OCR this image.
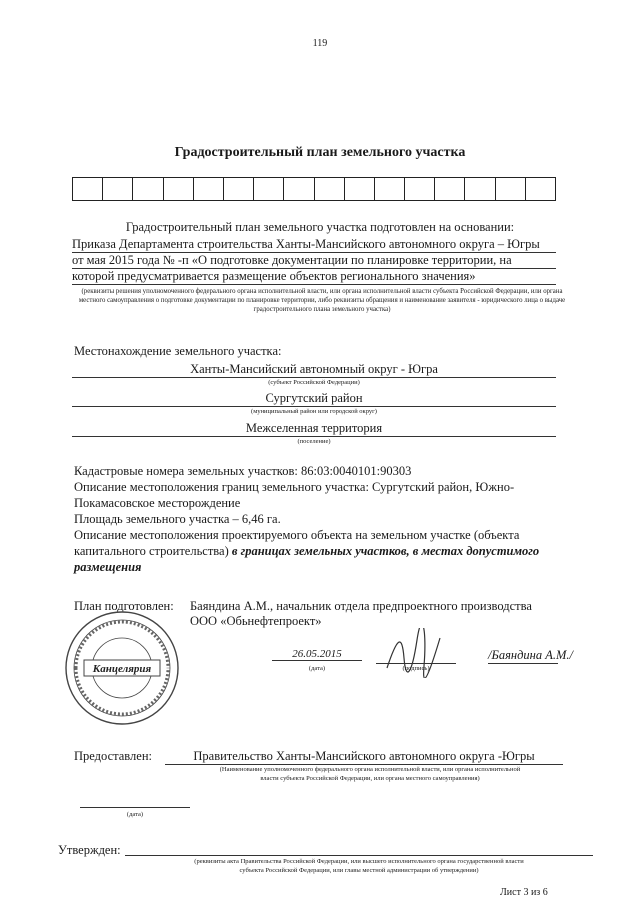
119
Градостроительный план земельного участка
Градостроительный план земельного участка подготовлен на основании:
Приказа Департамента строительства Ханты-Мансийского автономного округа – Югры
от мая 2015 года № -п «О подготовке документации по планировке территории, на
которой предусматривается размещение объектов регионального значения»
(реквизиты решения уполномоченного федерального органа исполнительной власти, или органа исполнительной власти субъекта Российской Федерации, или органа местного самоуправления о подготовке документации по планировке территории, либо реквизиты обращения и наименование заявителя - юридического лица о выдаче градостроительного плана земельного участка)
Местонахождение земельного участка:
Ханты-Мансийский автономный округ - Югра
(субъект Российской Федерации)
Сургутский район
(муниципальный район или городской округ)
Межселенная территория
(поселение)
Кадастровые номера земельных участков: 86:03:0040101:90303
Описание местоположения границ земельного участка: Сургутский район, Южно-
Покамасовское месторождение
Площадь земельного участка – 6,46 га.
Описание местоположения проектируемого объекта на земельном участке (объекта
капитального строительства) в границах земельных участков, в местах допустимого
размещения
План подготовлен: Баяндина А.М., начальник отдела предпроектного производства
ООО «Обьнефтепроект»
Канцелярия
26.05.2015
(дата)	(подпись)
/Баяндина А.М./
Предоставлен:	Правительство Ханты-Мансийского автономного округа -Югры
(Наименование уполномоченного федерального органа исполнительной власти, или органа исполнительной
власти субъекта Российской Федерации, или органа местного самоуправления)
(дата)
Утвержден:
(реквизиты акта Правительства Российской Федерации, или высшего исполнительного органа государственной власти
субъекта Российской Федерации, или главы местной администрации об утверждении)
Лист 3 из 6
